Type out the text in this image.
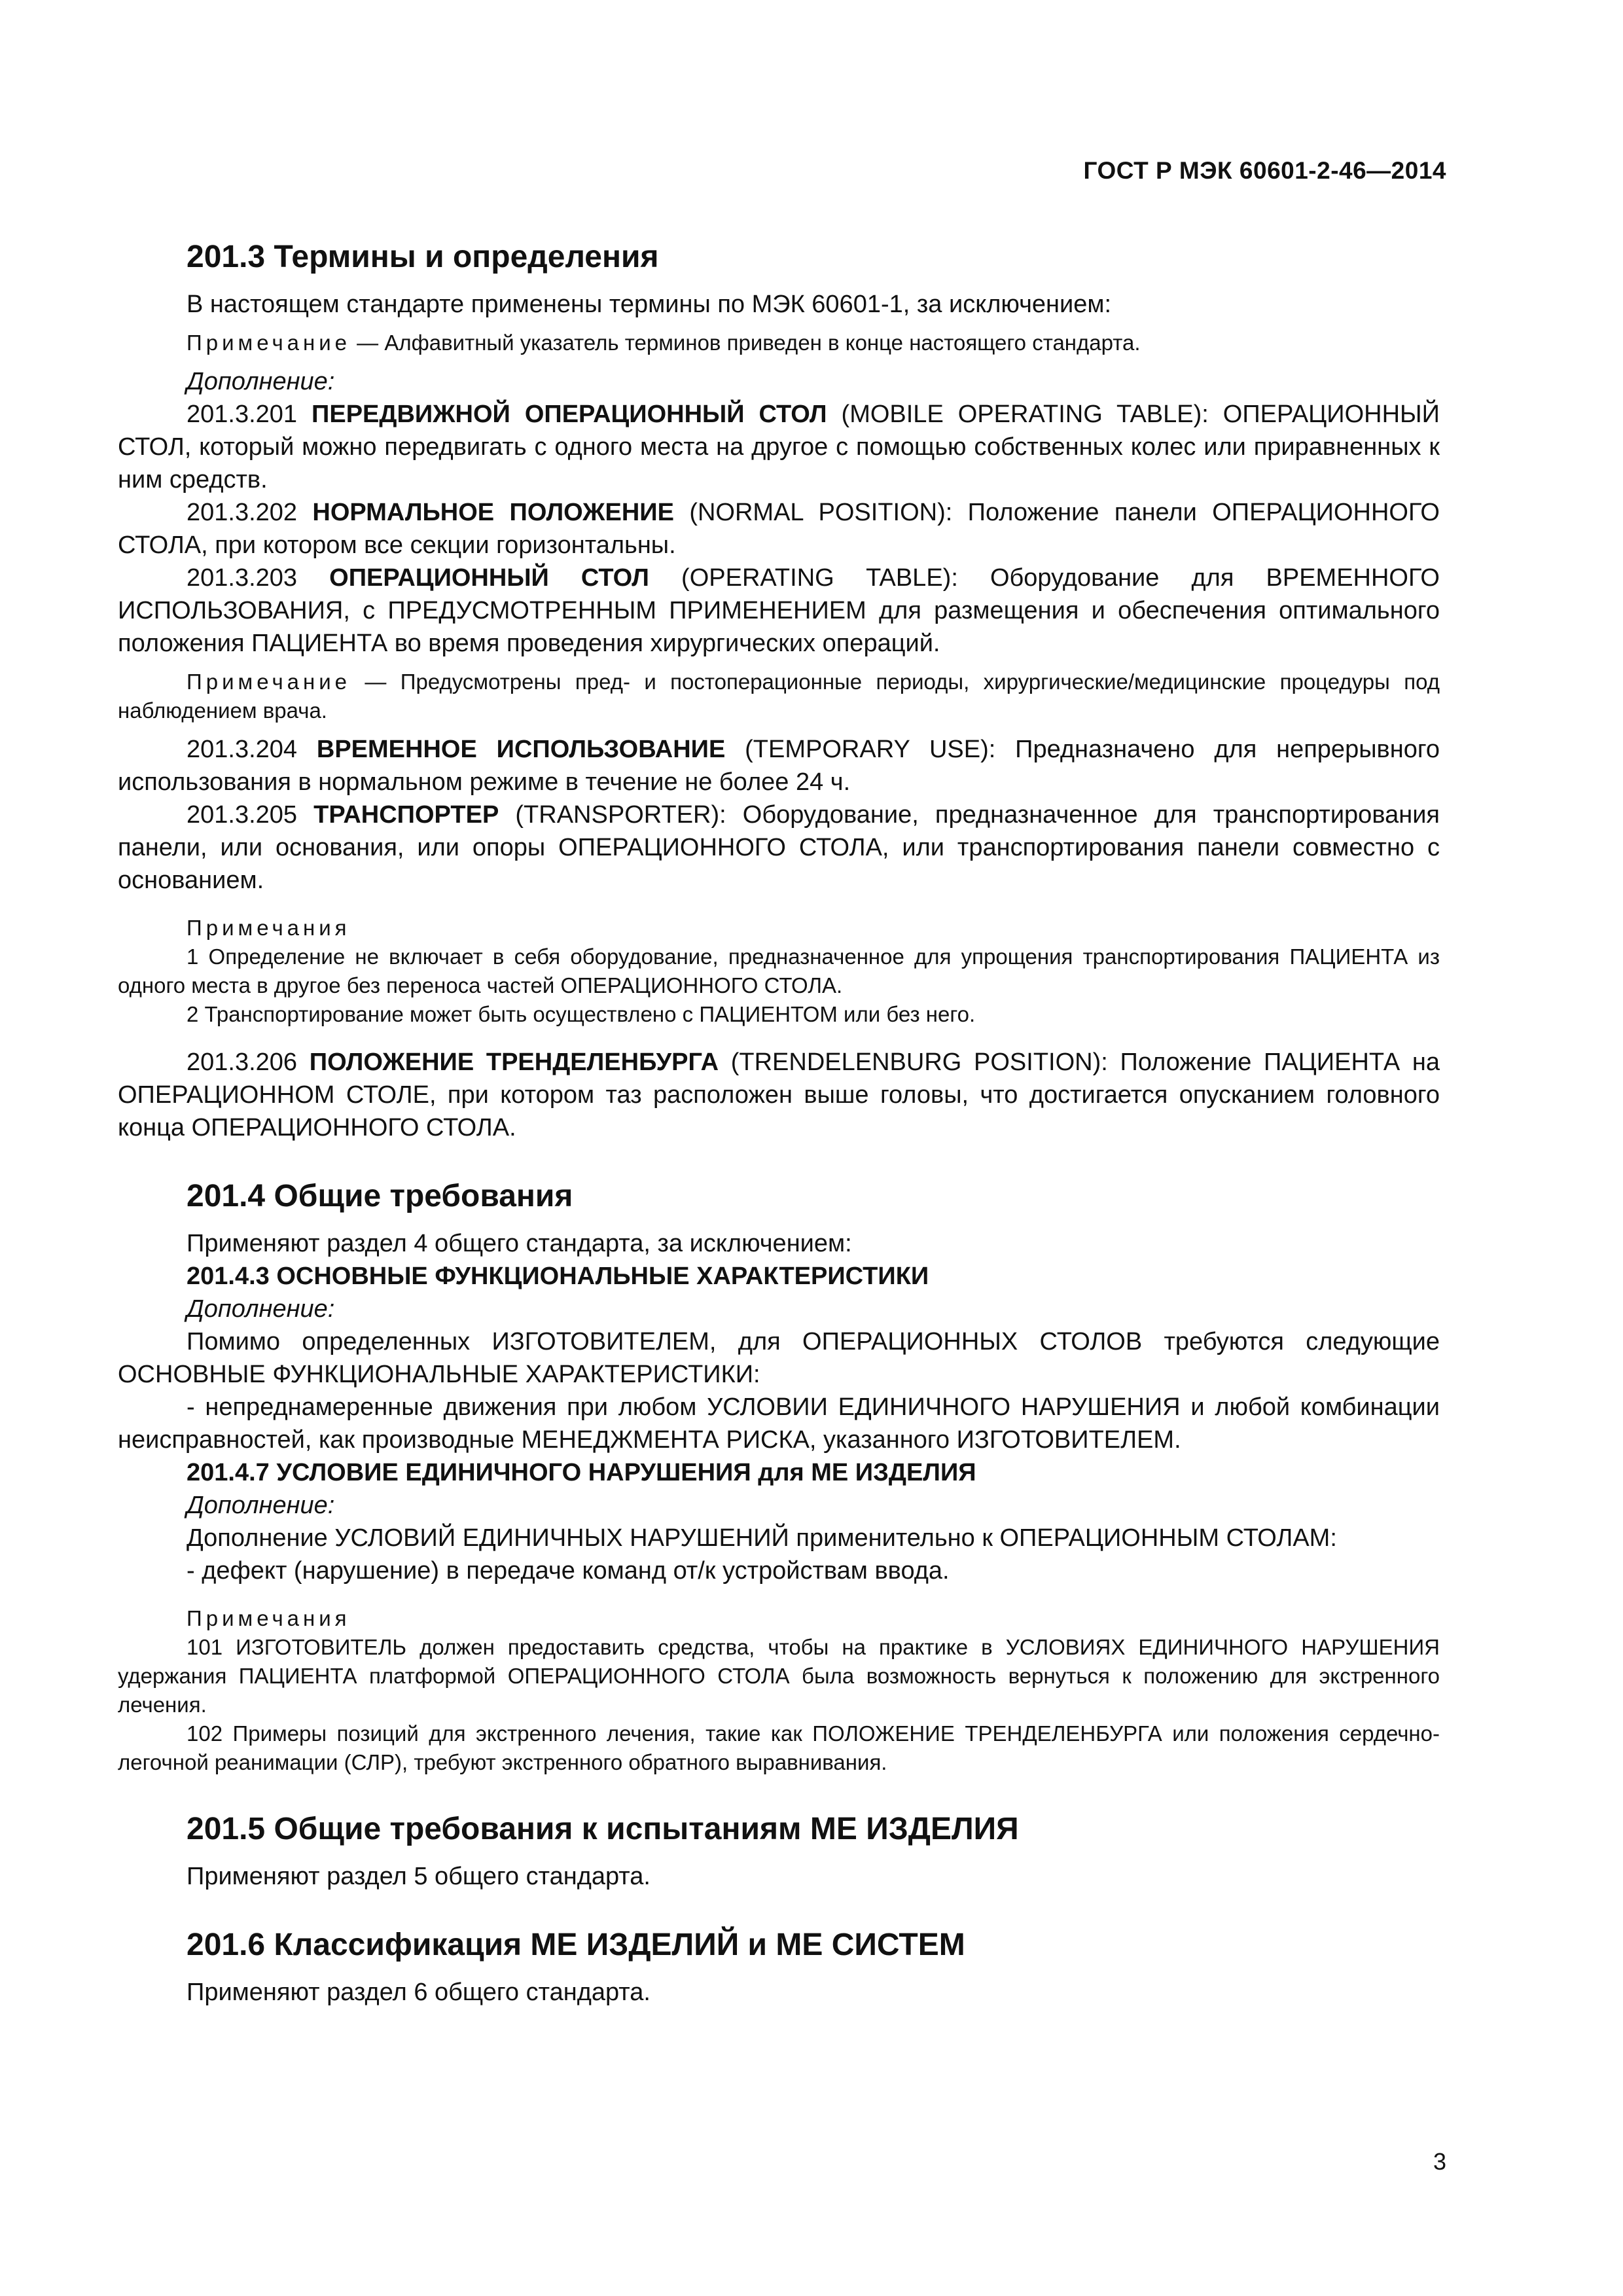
ГОСТ Р МЭК 60601-2-46—2014
201.3 Термины и определения

В настоящем стандарте применены термины по МЭК 60601-1, за исключением:

Примечание — Алфавитный указатель терминов приведен в конце настоящего стандарта.

Дополнение:

201.3.201 ПЕРЕДВИЖНОЙ ОПЕРАЦИОННЫЙ СТОЛ (MOBILE OPERATING TABLE): ОПЕРАЦИОННЫЙ СТОЛ, который можно передвигать с одного места на другое с помощью собственных колес или приравненных к ним средств.

201.3.202 НОРМАЛЬНОЕ ПОЛОЖЕНИЕ (NORMAL POSITION): Положение панели ОПЕРАЦИОННОГО СТОЛА, при котором все секции горизонтальны.

201.3.203 ОПЕРАЦИОННЫЙ СТОЛ (OPERATING TABLE): Оборудование для ВРЕМЕННОГО ИСПОЛЬЗОВАНИЯ, с ПРЕДУСМОТРЕННЫМ ПРИМЕНЕНИЕМ для размещения и обеспечения оптимального положения ПАЦИЕНТА во время проведения хирургических операций.

Примечание — Предусмотрены пред- и постоперационные периоды, хирургические/медицинские процедуры под наблюдением врача.

201.3.204 ВРЕМЕННОЕ ИСПОЛЬЗОВАНИЕ (TEMPORARY USE): Предназначено для непрерывного использования в нормальном режиме в течение не более 24 ч.

201.3.205 ТРАНСПОРТЕР (TRANSPORTER): Оборудование, предназначенное для транспортирования панели, или основания, или опоры ОПЕРАЦИОННОГО СТОЛА, или транспортирования панели совместно с основанием.

Примечания

1 Определение не включает в себя оборудование, предназначенное для упрощения транспортирования ПАЦИЕНТА из одного места в другое без переноса частей ОПЕРАЦИОННОГО СТОЛА.

2 Транспортирование может быть осуществлено с ПАЦИЕНТОМ или без него.

201.3.206 ПОЛОЖЕНИЕ ТРЕНДЕЛЕНБУРГА (TRENDELENBURG POSITION): Положение ПАЦИЕНТА на ОПЕРАЦИОННОМ СТОЛЕ, при котором таз расположен выше головы, что достигается опусканием головного конца ОПЕРАЦИОННОГО СТОЛА.

201.4 Общие требования

Применяют раздел 4 общего стандарта, за исключением:

201.4.3 ОСНОВНЫЕ ФУНКЦИОНАЛЬНЫЕ ХАРАКТЕРИСТИКИ

Дополнение:

Помимо определенных ИЗГОТОВИТЕЛЕМ, для ОПЕРАЦИОННЫХ СТОЛОВ требуются следующие ОСНОВНЫЕ ФУНКЦИОНАЛЬНЫЕ ХАРАКТЕРИСТИКИ:

- непреднамеренные движения при любом УСЛОВИИ ЕДИНИЧНОГО НАРУШЕНИЯ и любой комбинации неисправностей, как производные МЕНЕДЖМЕНТА РИСКА, указанного ИЗГОТОВИТЕЛЕМ.

201.4.7 УСЛОВИЕ ЕДИНИЧНОГО НАРУШЕНИЯ для МЕ ИЗДЕЛИЯ

Дополнение:

Дополнение УСЛОВИЙ ЕДИНИЧНЫХ НАРУШЕНИЙ применительно к ОПЕРАЦИОННЫМ СТОЛАМ:

- дефект (нарушение) в передаче команд от/к устройствам ввода.

Примечания

101 ИЗГОТОВИТЕЛЬ должен предоставить средства, чтобы на практике в УСЛОВИЯХ ЕДИНИЧНОГО НАРУШЕНИЯ удержания ПАЦИЕНТА платформой ОПЕРАЦИОННОГО СТОЛА была возможность вернуться к положению для экстренного лечения.

102 Примеры позиций для экстренного лечения, такие как ПОЛОЖЕНИЕ ТРЕНДЕЛЕНБУРГА или положения сердечно-легочной реанимации (СЛР), требуют экстренного обратного выравнивания.

201.5 Общие требования к испытаниям МЕ ИЗДЕЛИЯ

Применяют раздел 5 общего стандарта.

201.6 Классификация МЕ ИЗДЕЛИЙ и МЕ СИСТЕМ

Применяют раздел 6 общего стандарта.

3
